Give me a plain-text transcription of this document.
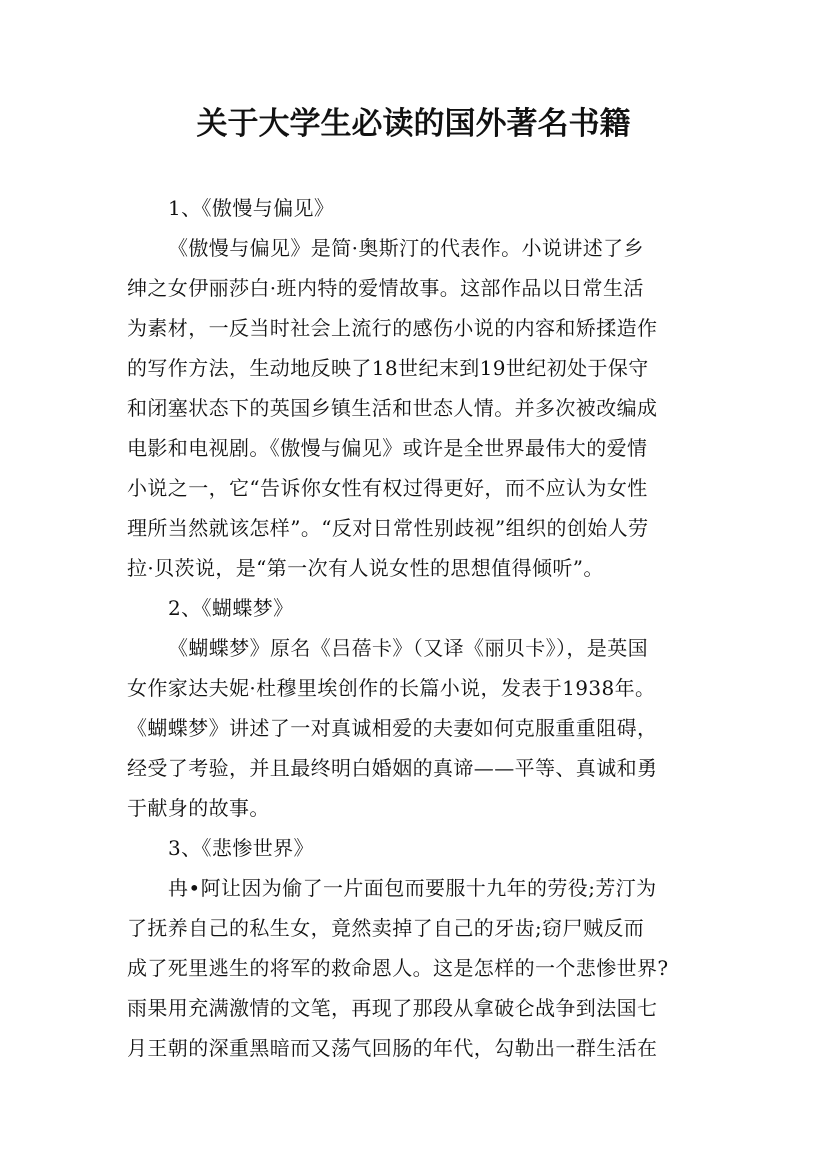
关于大学生必读的国外著名书籍
1、《傲慢与偏见》
《傲慢与偏见》是简·奥斯汀的代表作。小说讲述了乡
绅之女伊丽莎白·班内特的爱情故事。这部作品以日常生活
为素材，一反当时社会上流行的感伤小说的内容和矫揉造作
的写作方法，生动地反映了18世纪末到19世纪初处于保守
和闭塞状态下的英国乡镇生活和世态人情。并多次被改编成
电影和电视剧。《傲慢与偏见》或许是全世界最伟大的爱情
小说之一，它“告诉你女性有权过得更好，而不应认为女性
理所当然就该怎样”。“反对日常性别歧视”组织的创始人劳
拉·贝茨说，是“第一次有人说女性的思想值得倾听”。
2、《蝴蝶梦》
《蝴蝶梦》原名《吕蓓卡》（又译《丽贝卡》），是英国
女作家达夫妮·杜穆里埃创作的长篇小说，发表于1938年。
《蝴蝶梦》讲述了一对真诚相爱的夫妻如何克服重重阻碍，
经受了考验，并且最终明白婚姻的真谛——平等、真诚和勇
于献身的故事。
3、《悲惨世界》
冉•阿让因为偷了一片面包而要服十九年的劳役;芳汀为
了抚养自己的私生女，竟然卖掉了自己的牙齿;窃尸贼反而
成了死里逃生的将军的救命恩人。这是怎样的一个悲惨世界?
雨果用充满激情的文笔，再现了那段从拿破仑战争到法国七
月王朝的深重黑暗而又荡气回肠的年代，勾勒出一群生活在
